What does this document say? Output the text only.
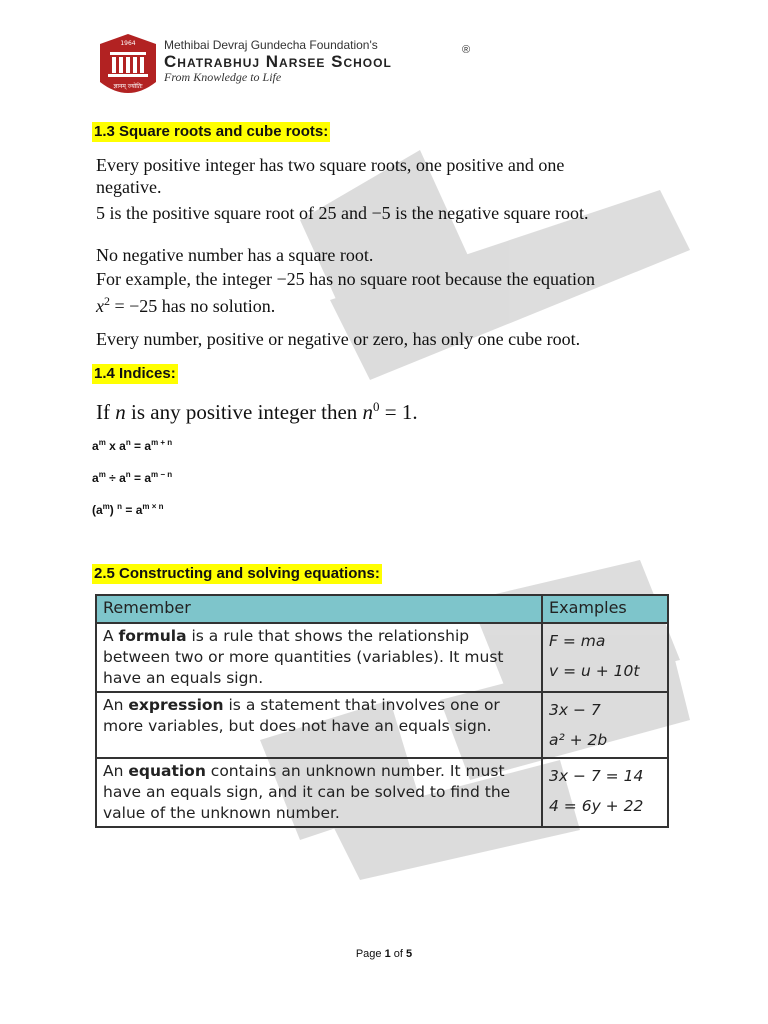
1964
ज्ञानम् ज्योतिः
Methibai Devraj Gundecha Foundation's
Chatrabhuj Narsee School
®
From Knowledge to Life
1.3 Square roots and cube roots:
Every positive integer has two square roots, one positive and one negative.
5 is the positive square root of 25 and −5 is the negative square root.
No negative number has a square root.
For example, the integer −25 has no square root because the equation
$x^2 = -25$ has no solution.
Every number, positive or negative or zero, has only one cube root.
1.4 Indices:
If n is any positive integer then $n^0 = 1$.
$a^m$ x $a^n = a^{m + n}$
$a^m \div a^n = a^{m - n}$
$(a^m) ^n = a^{m \times n}$
2.5 Constructing and solving equations:
Remember	Examples
A formula is a rule that shows the relationship between two or more quantities (variables). It must have an equals sign.	F = ma
v = u + 10t

An expression is a statement that involves one or more variables, but does not have an equals sign.	3x − 7
a² + 2b

An equation contains an unknown number. It must have an equals sign, and it can be solved to find the value of the unknown number.	3x − 7 = 14
4 = 6y + 22
Page 1 of 5
